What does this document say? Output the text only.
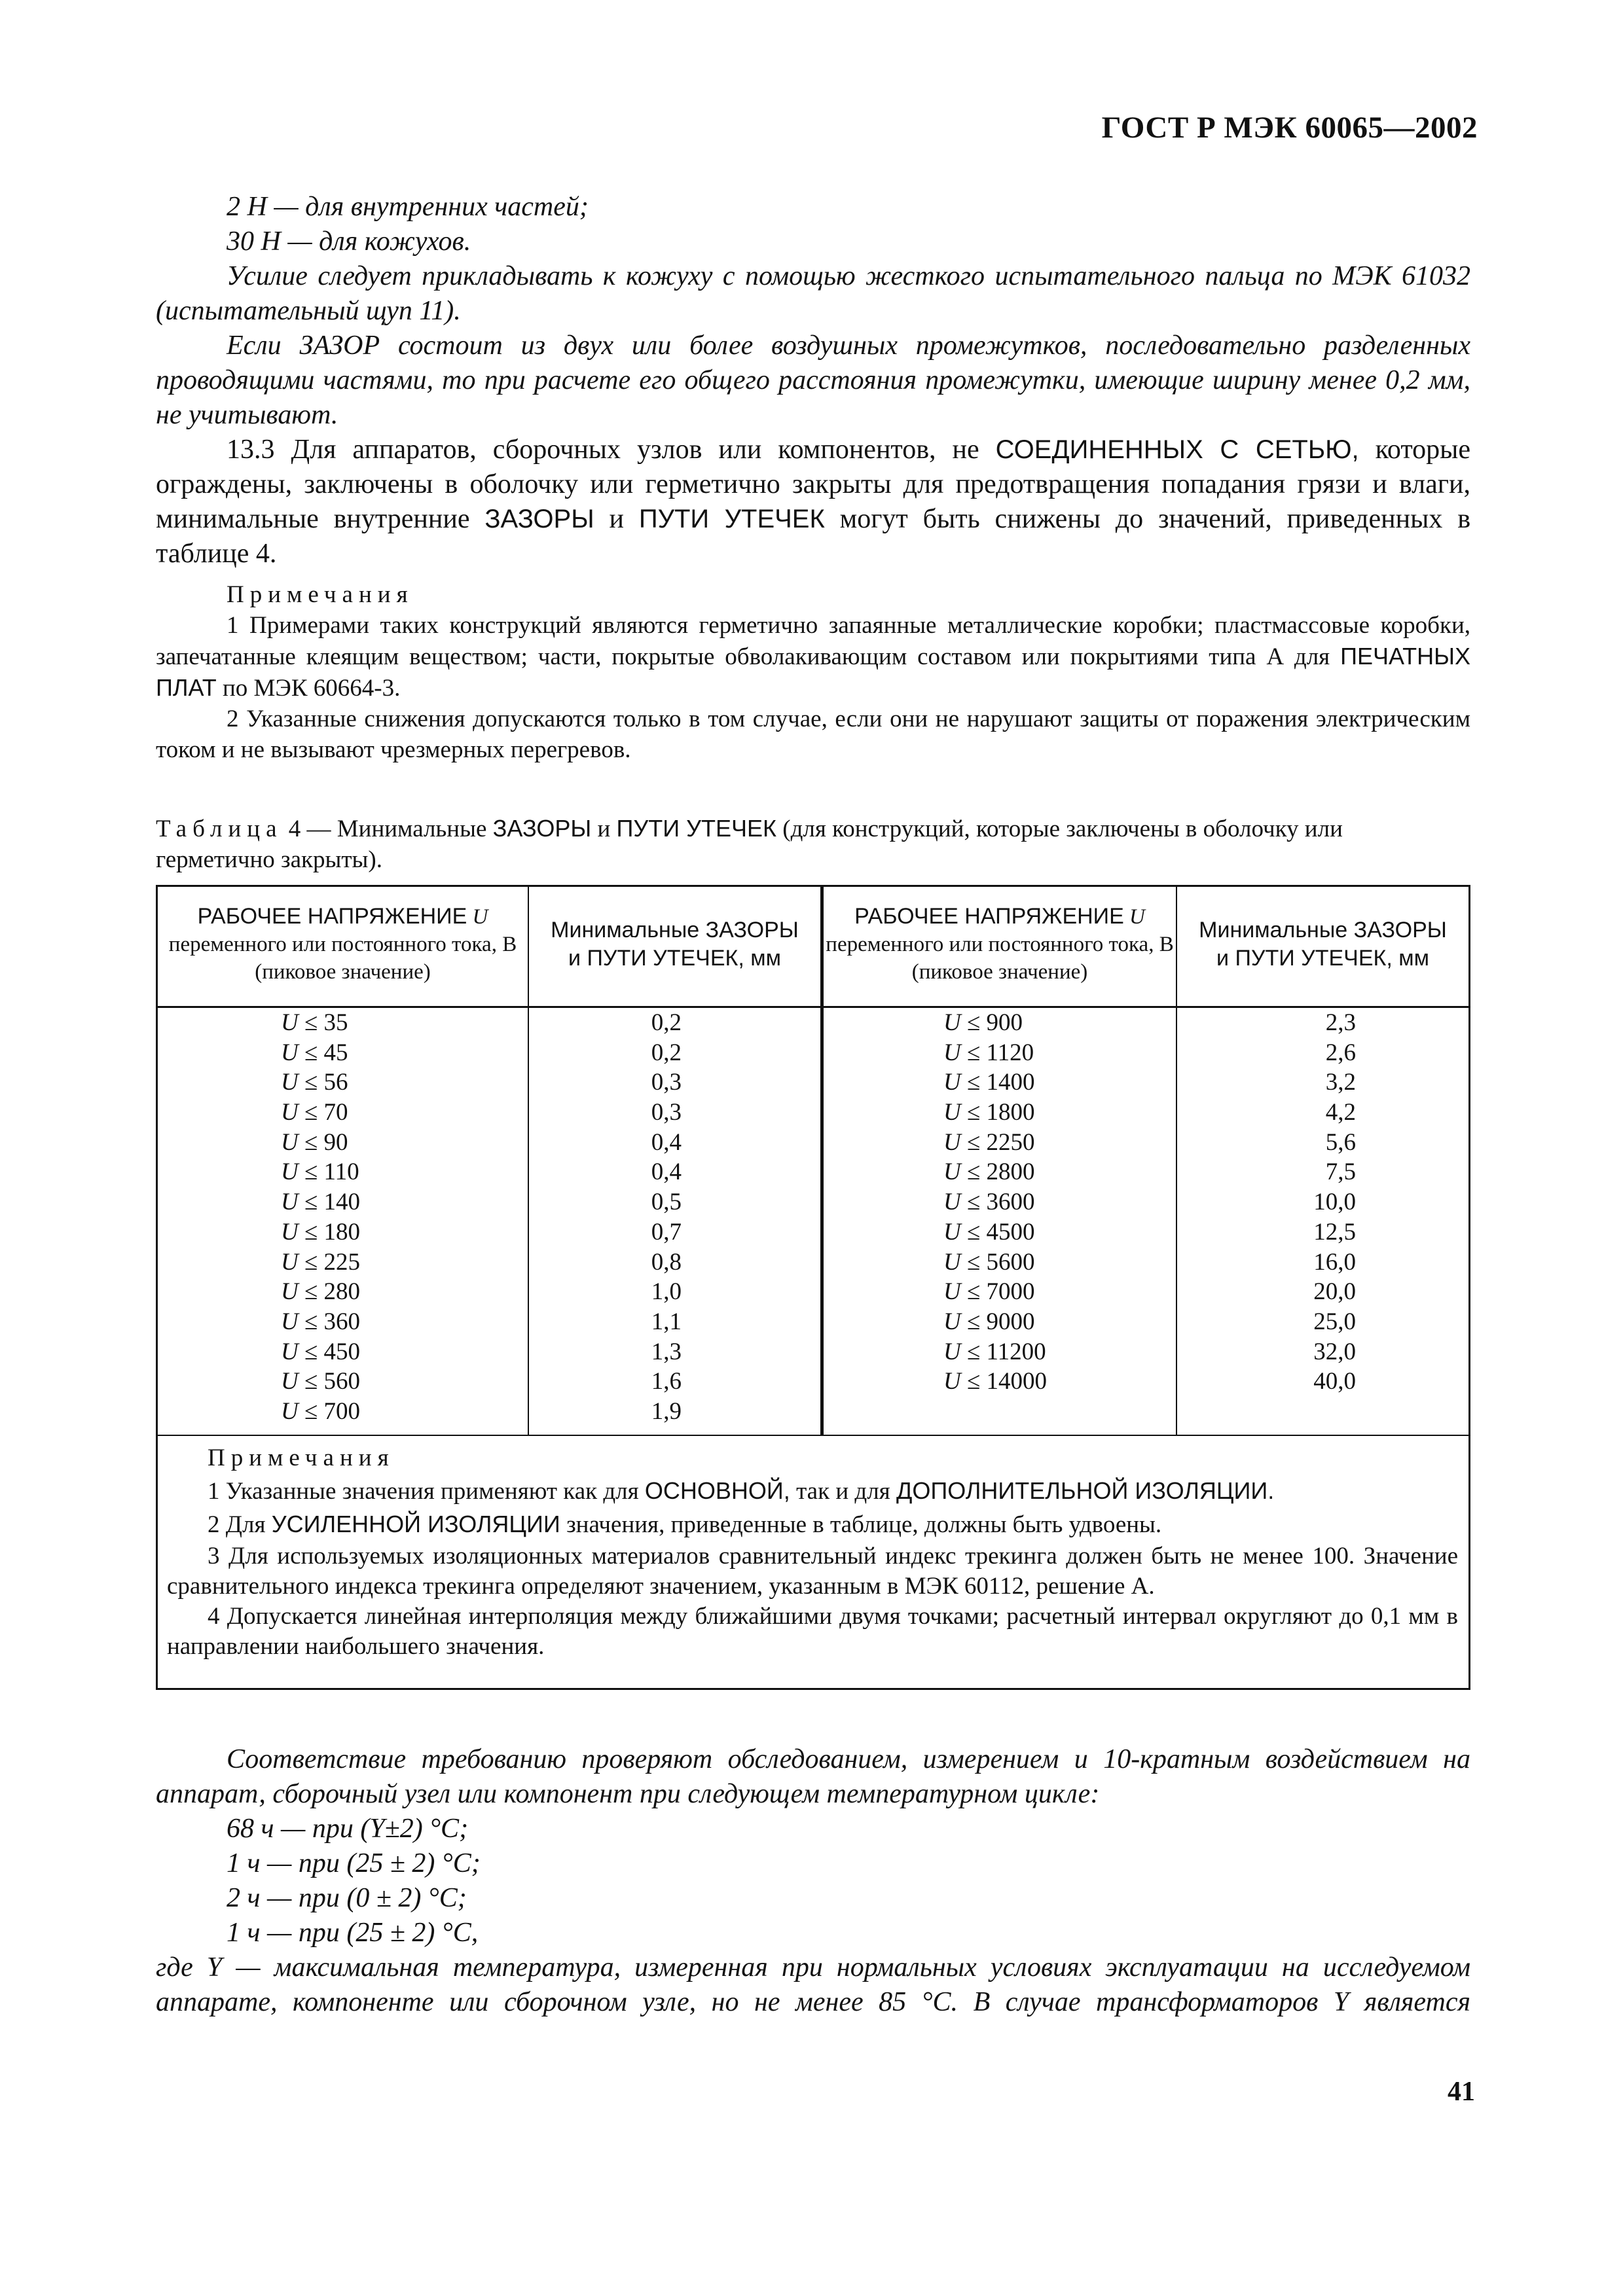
ГОСТ Р МЭК 60065—2002

2 Н — для внутренних частей;

30 Н — для кожухов.

Усилие следует прикладывать к кожуху с помощью жесткого испытательного пальца по МЭК 61032 (испытательный щуп 11).

Если ЗАЗОР состоит из двух или более воздушных промежутков, последовательно разделенных проводящими частями, то при расчете его общего расстояния промежутки, имеющие ширину менее 0,2 мм, не учитывают.

13.3 Для аппаратов, сборочных узлов или компонентов, не СОЕДИНЕННЫХ С СЕТЬЮ, которые ограждены, заключены в оболочку или герметично закрыты для предотвращения попадания грязи и влаги, минимальные внутренние ЗАЗОРЫ и ПУТИ УТЕЧЕК могут быть снижены до значений, приведенных в таблице 4.

Примечания

1 Примерами таких конструкций являются герметично запаянные металлические коробки; пластмассовые коробки, запечатанные клеящим веществом; части, покрытые обволакивающим составом или покрытиями типа А для ПЕЧАТНЫХ ПЛАТ по МЭК 60664-3.

2 Указанные снижения допускаются только в том случае, если они не нарушают защиты от поражения электрическим током и не вызывают чрезмерных перегревов.

Таблица 4 — Минимальные ЗАЗОРЫ и ПУТИ УТЕЧЕК (для конструкций, которые заключены в оболочку или герметично закрыты).
РАБОЧЕЕ НАПРЯЖЕНИЕ U
переменного или постоянного тока, В (пиковое значение)
Минимальные ЗАЗОРЫ
и ПУТИ УТЕЧЕК, мм
РАБОЧЕЕ НАПРЯЖЕНИЕ U
переменного или постоянного тока, В (пиковое значение)
Минимальные ЗАЗОРЫ
и ПУТИ УТЕЧЕК, мм
U ≤ 35
U ≤ 45
U ≤ 56
U ≤ 70
U ≤ 90
U ≤ 110
U ≤ 140
U ≤ 180
U ≤ 225
U ≤ 280
U ≤ 360
U ≤ 450
U ≤ 560
U ≤ 700
0,2
0,2
0,3
0,3
0,4
0,4
0,5
0,7
0,8
1,0
1,1
1,3
1,6
1,9
U ≤ 900
U ≤ 1120
U ≤ 1400
U ≤ 1800
U ≤ 2250
U ≤ 2800
U ≤ 3600
U ≤ 4500
U ≤ 5600
U ≤ 7000
U ≤ 9000
U ≤ 11200
U ≤ 14000
2,3
2,6
3,2
4,2
5,6
7,5
10,0
12,5
16,0
20,0
25,0
32,0
40,0

Примечания

1 Указанные значения применяют как для ОСНОВНОЙ, так и для ДОПОЛНИТЕЛЬНОЙ ИЗОЛЯЦИИ.

2 Для УСИЛЕННОЙ ИЗОЛЯЦИИ значения, приведенные в таблице, должны быть удвоены.

3 Для используемых изоляционных материалов сравнительный индекс трекинга должен быть не менее 100. Значение сравнительного индекса трекинга определяют значением, указанным в МЭК 60112, решение А.

4 Допускается линейная интерполяция между ближайшими двумя точками; расчетный интервал округляют до 0,1 мм в направлении наибольшего значения.

Соответствие требованию проверяют обследованием, измерением и 10-кратным воздействием на аппарат, сборочный узел или компонент при следующем температурном цикле:

68 ч — при (Y±2) °С;

1 ч — при (25 ± 2) °С;

2 ч — при (0 ± 2) °С;

1 ч — при (25 ± 2) °С,

где Y — максимальная температура, измеренная при нормальных условиях эксплуатации на исследуемом аппарате, компоненте или сборочном узле, но не менее 85 °С. В случае трансформаторов Y является

41
